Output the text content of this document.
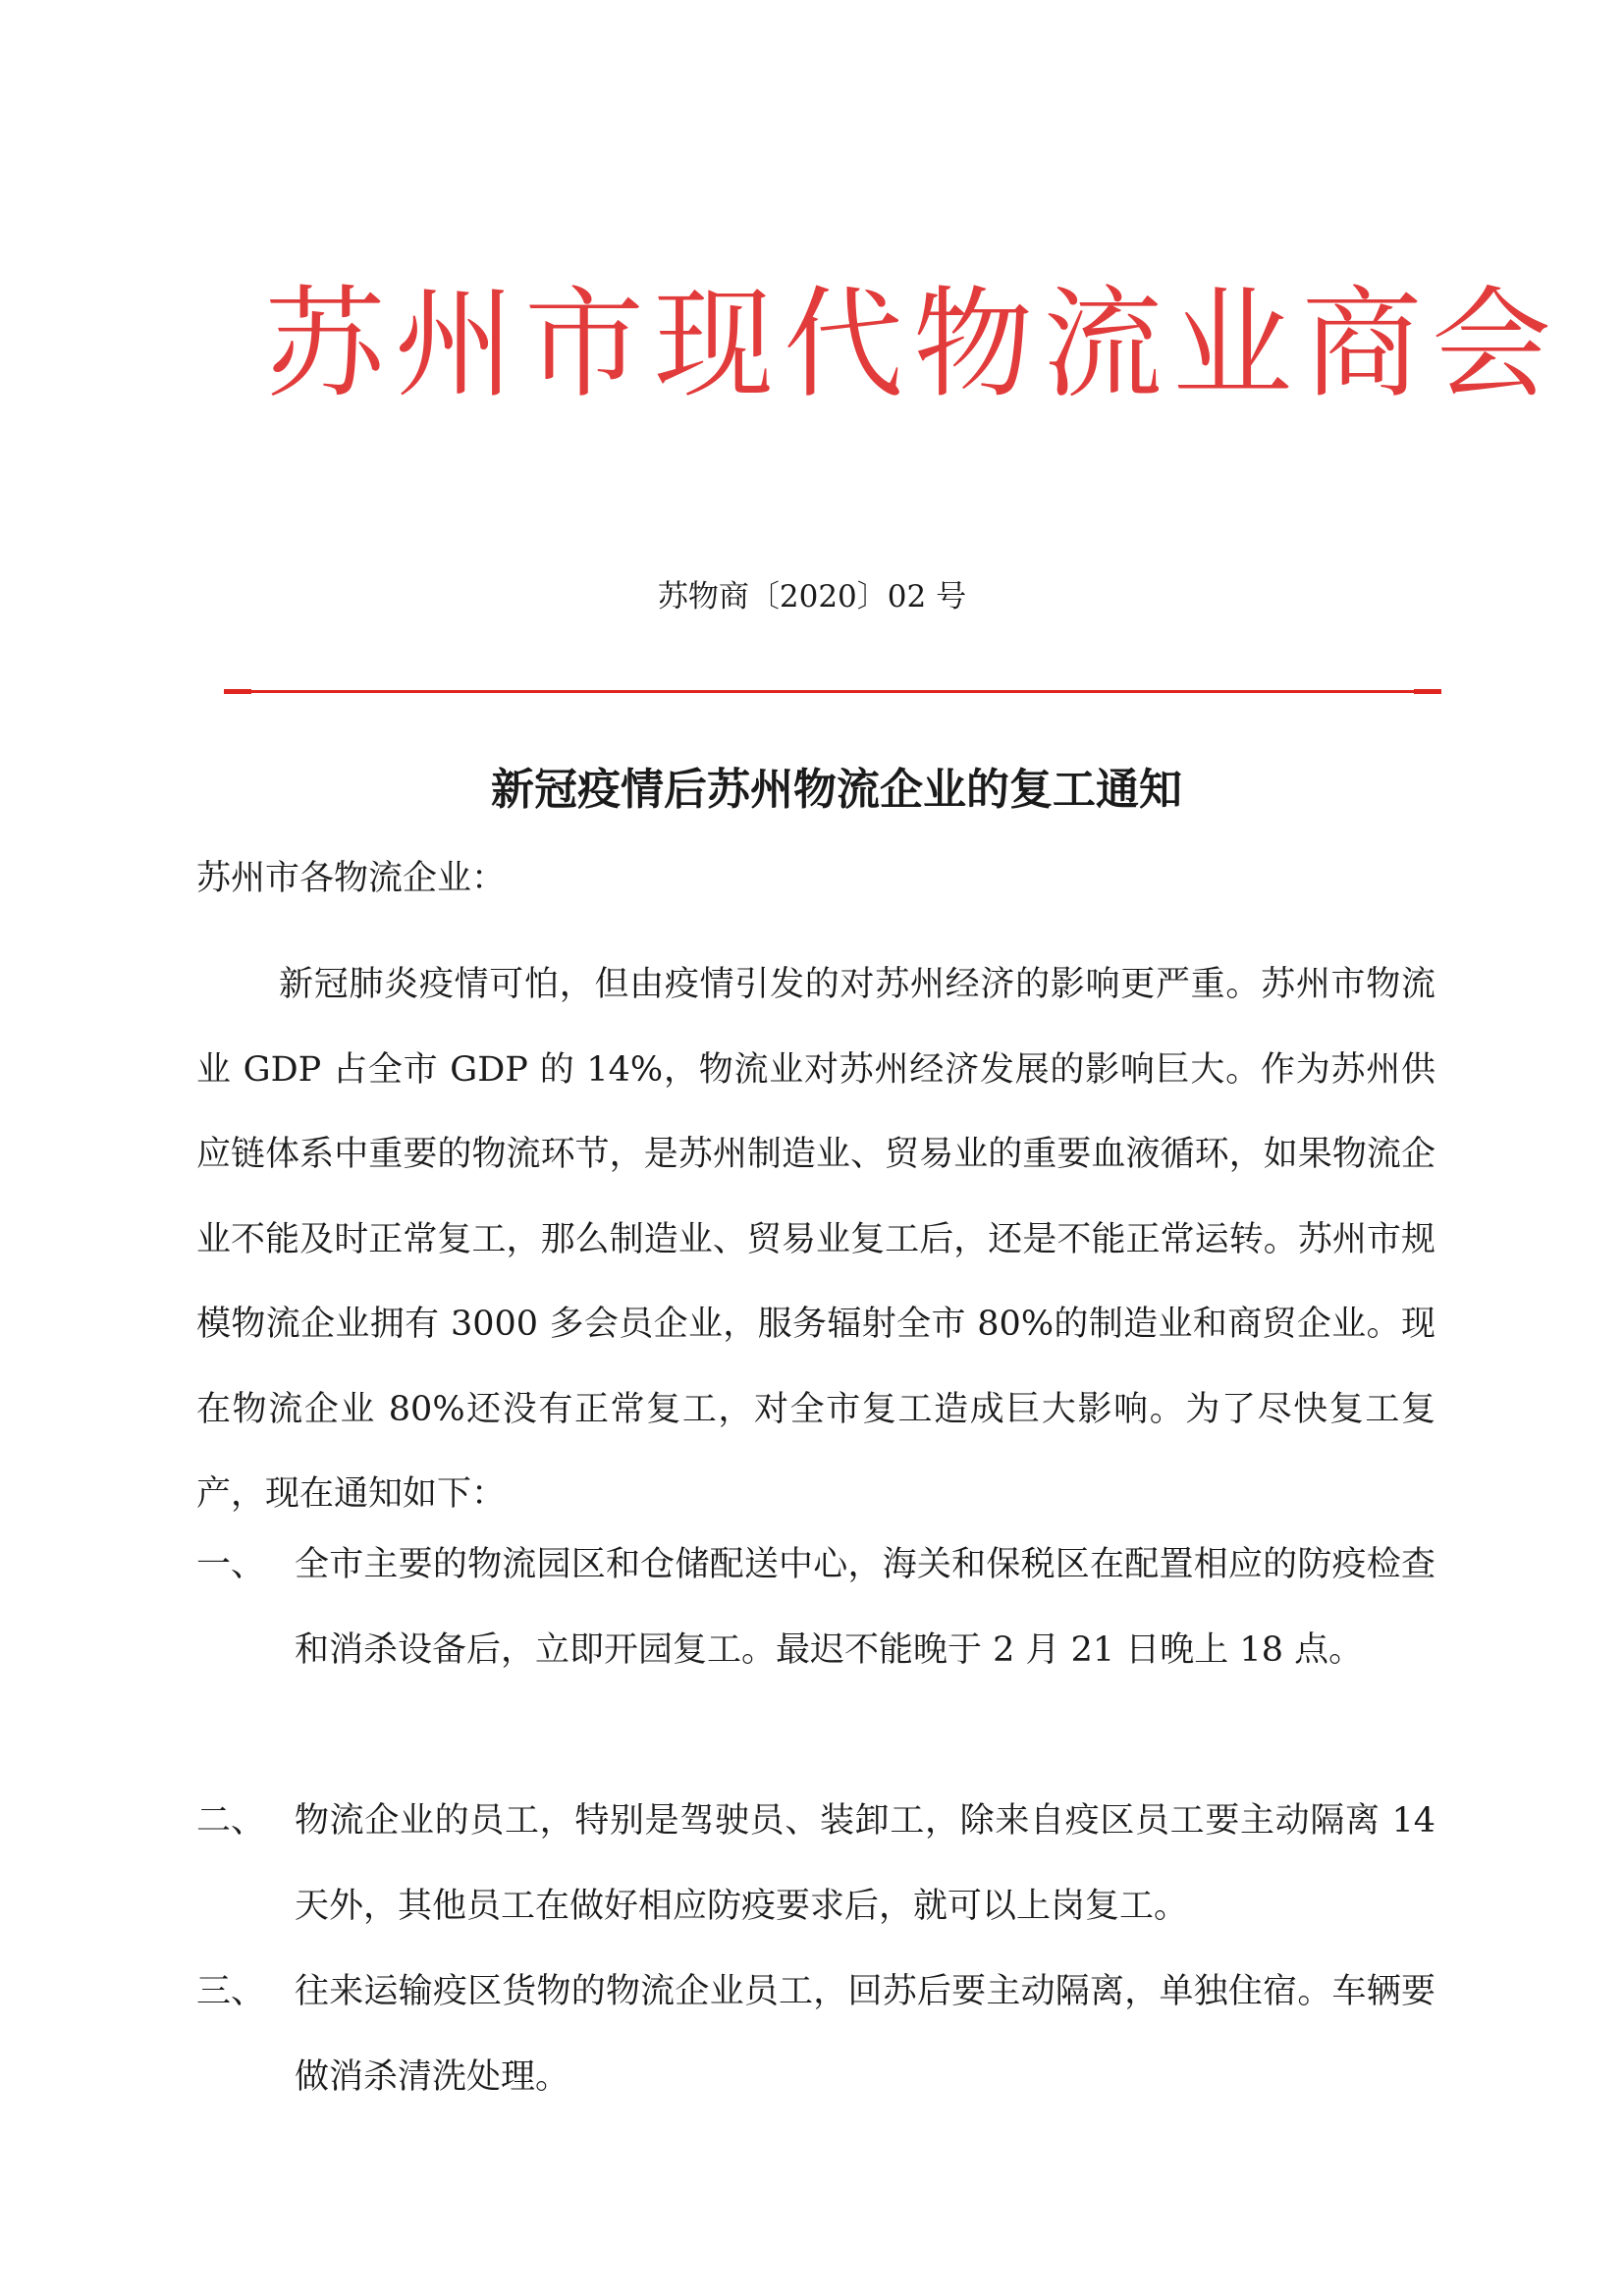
苏州市现代物流业商会
苏物商〔2020〕02 号
新冠疫情后苏州物流企业的复工通知
苏州市各物流企业：

新冠肺炎疫情可怕，但由疫情引发的对苏州经济的影响更严重。苏州市物流业 GDP 占全市 GDP 的 14%，物流业对苏州经济发展的影响巨大。作为苏州供应链体系中重要的物流环节，是苏州制造业、贸易业的重要血液循环，如果物流企业不能及时正常复工，那么制造业、贸易业复工后，还是不能正常运转。苏州市规模物流企业拥有 3000 多会员企业，服务辐射全市 80%的制造业和商贸企业。现在物流企业 80%还没有正常复工，对全市复工造成巨大影响。为了尽快复工复产，现在通知如下：

一、 全市主要的物流园区和仓储配送中心，海关和保税区在配置相应的防疫检查和消杀设备后，立即开园复工。最迟不能晚于 2 月 21 日晚上 18 点。
二、 物流企业的员工，特别是驾驶员、装卸工，除来自疫区员工要主动隔离 14 天外，其他员工在做好相应防疫要求后，就可以上岗复工。
三、 往来运输疫区货物的物流企业员工，回苏后要主动隔离，单独住宿。车辆要做消杀清洗处理。
